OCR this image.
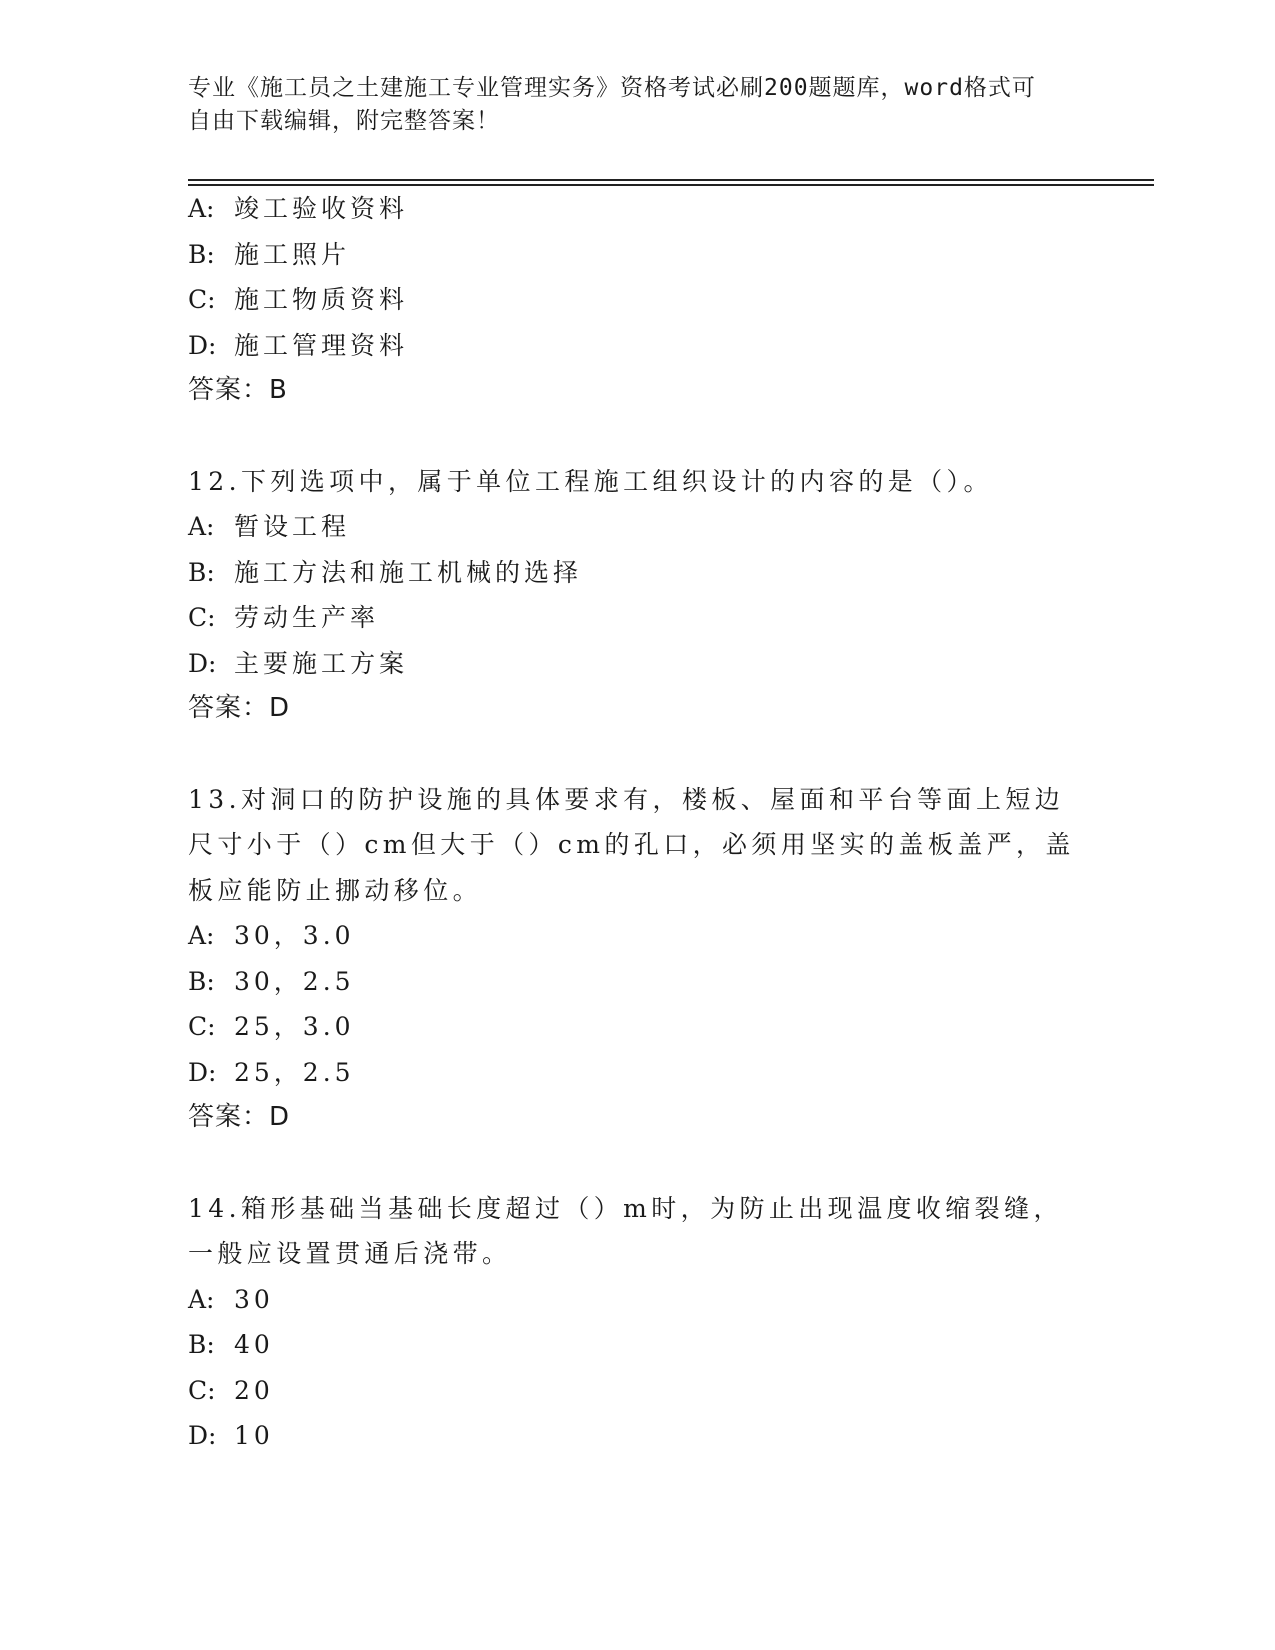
专业《施工员之土建施工专业管理实务》资格考试必刷200题题库，word格式可
自由下载编辑，附完整答案！
A: 竣工验收资料
B: 施工照片
C: 施工物质资料
D: 施工管理资料
答案：B
12.下列选项中，属于单位工程施工组织设计的内容的是（）。
A: 暂设工程
B: 施工方法和施工机械的选择
C: 劳动生产率
D: 主要施工方案
答案：D
13.对洞口的防护设施的具体要求有，楼板、屋面和平台等面上短边尺寸小于（）cm但大于（）cm的孔口，必须用坚实的盖板盖严，盖板应能防止挪动移位。
A: 30，3.0
B: 30，2.5
C: 25，3.0
D: 25，2.5
答案：D
14.箱形基础当基础长度超过（）m时，为防止出现温度收缩裂缝，一般应设置贯通后浇带。
A: 30
B: 40
C: 20
D: 10
